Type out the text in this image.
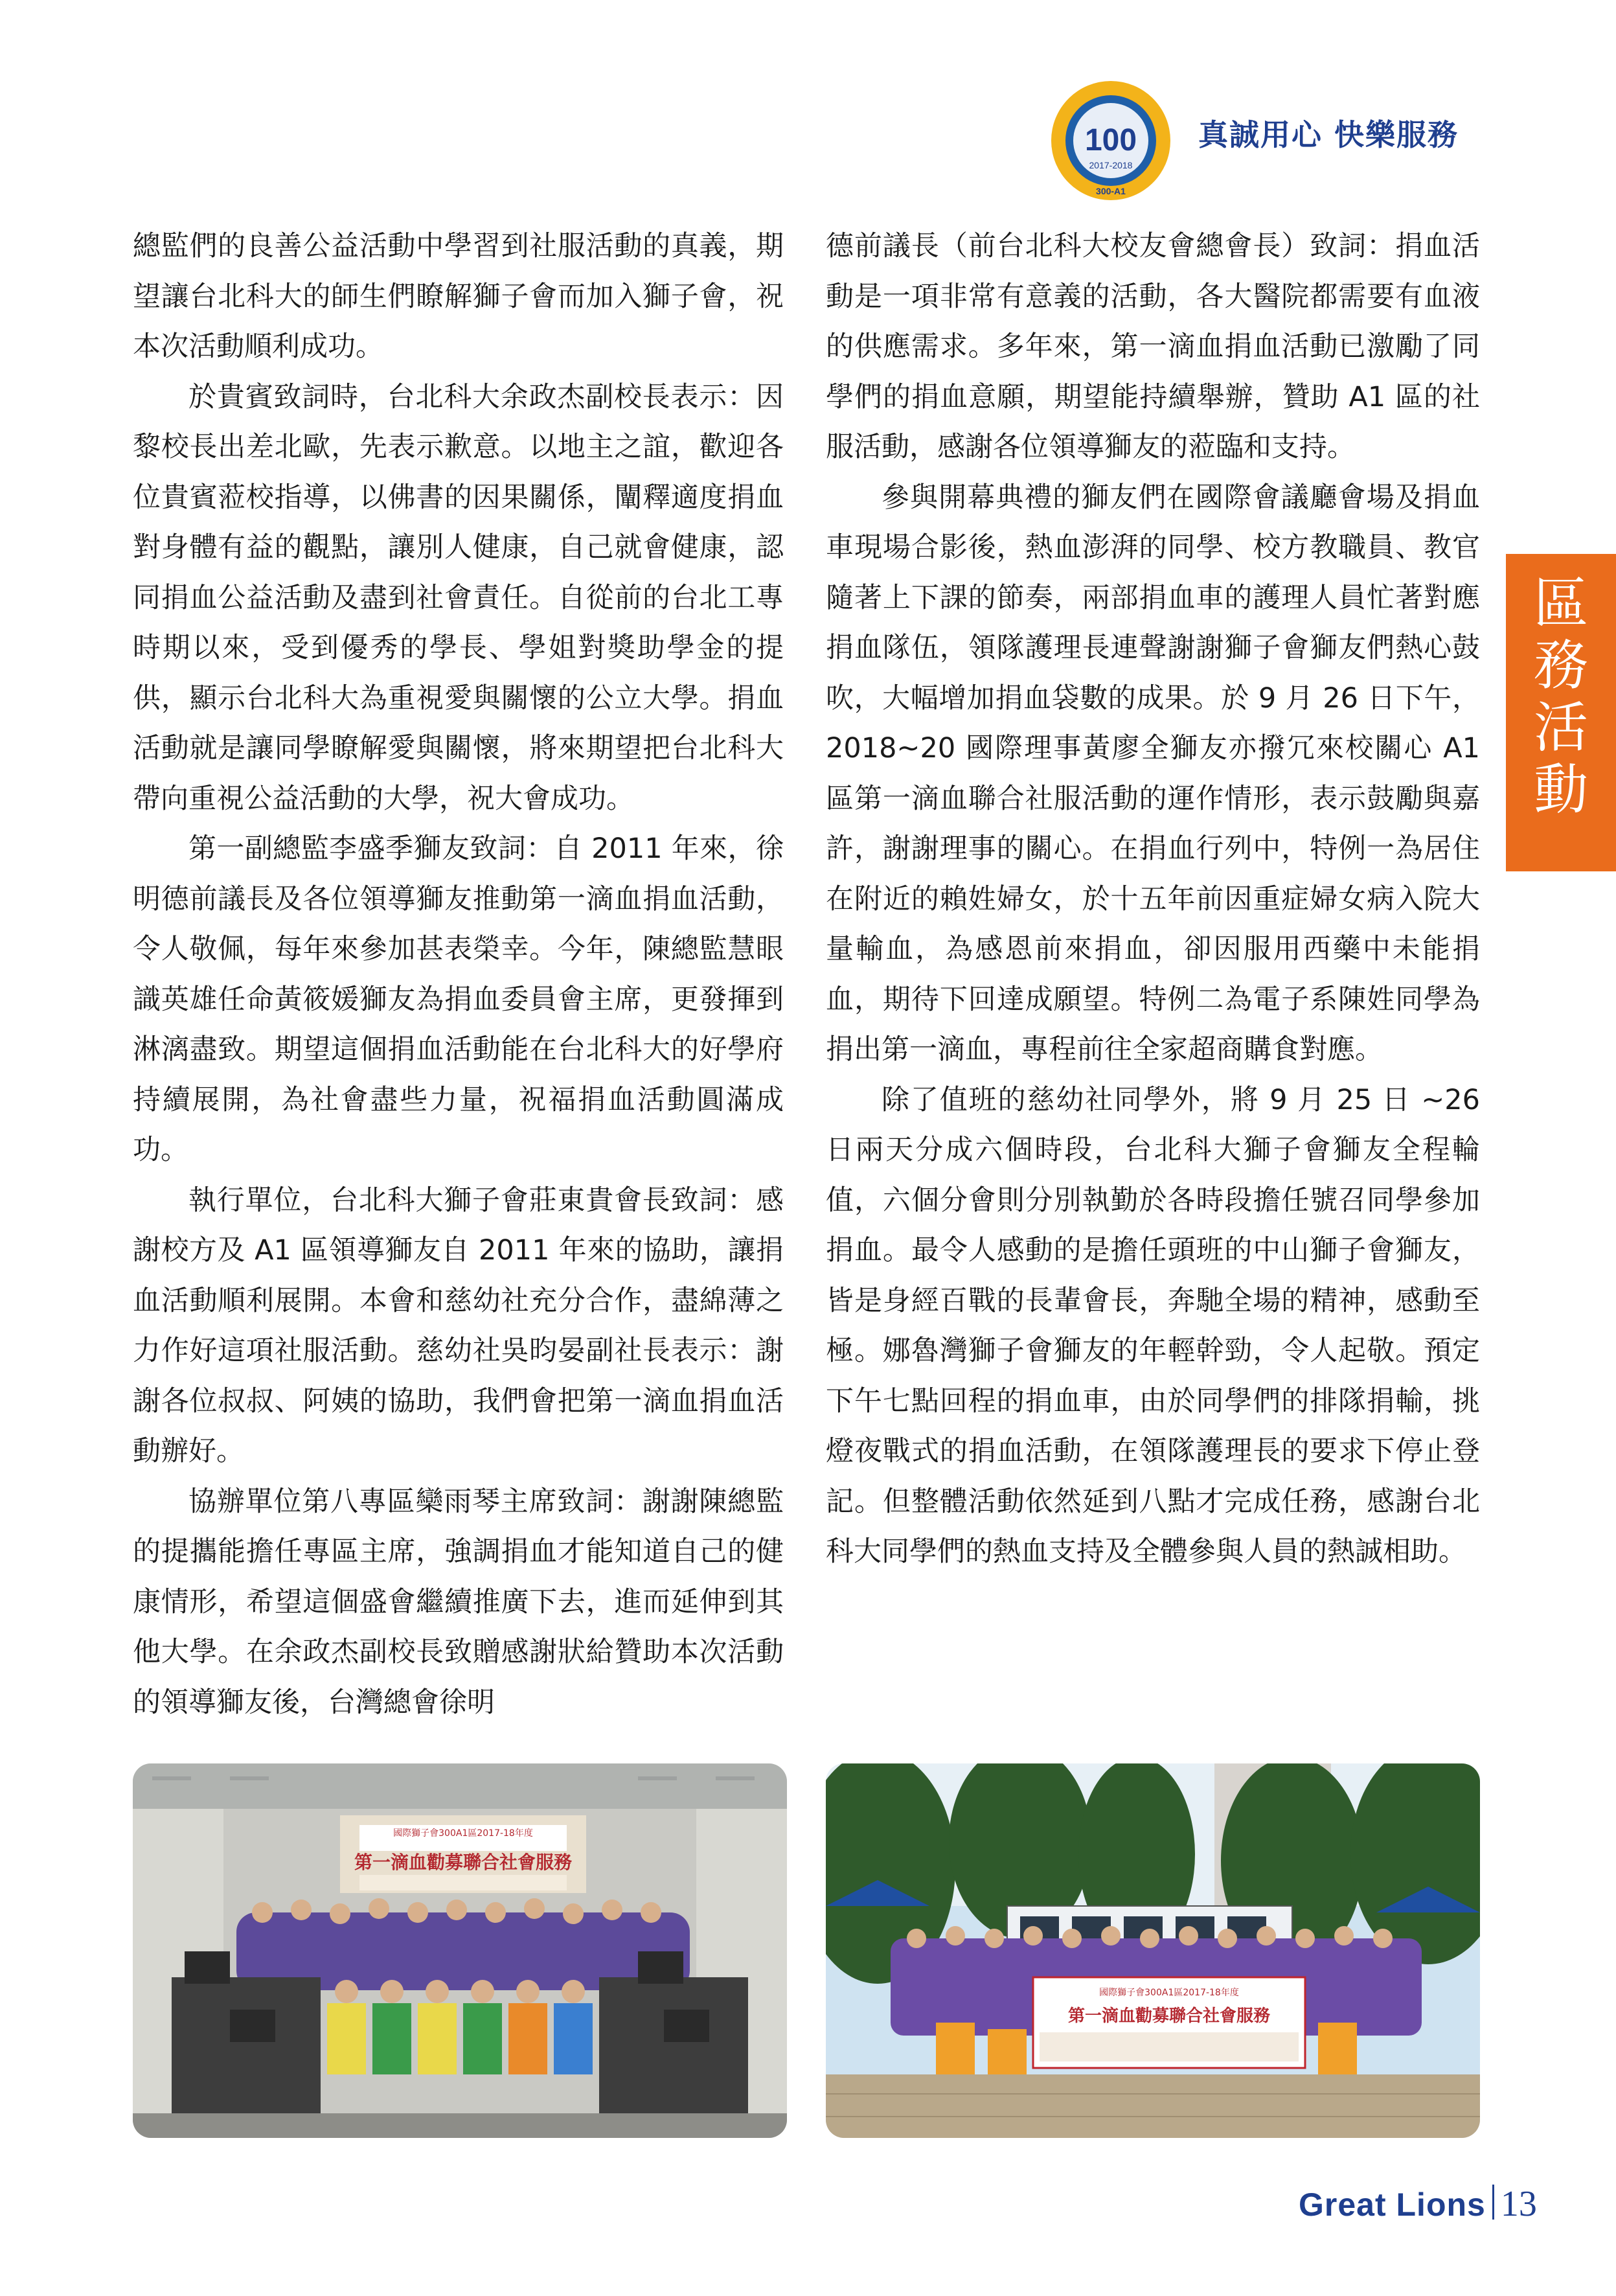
100
2017-2018
300-A1
真誠用心 快樂服務

總監們的良善公益活動中學習到社服活動的真義，期望讓台北科大的師生們瞭解獅子會而加入獅子會，祝本次活動順利成功。

於貴賓致詞時，台北科大余政杰副校長表示：因黎校長出差北歐，先表示歉意。以地主之誼，歡迎各位貴賓蒞校指導，以佛書的因果關係，闡釋適度捐血對身體有益的觀點，讓別人健康，自己就會健康，認同捐血公益活動及盡到社會責任。自從前的台北工專時期以來，受到優秀的學長、學姐對獎助學金的提供，顯示台北科大為重視愛與關懷的公立大學。捐血活動就是讓同學瞭解愛與關懷，將來期望把台北科大帶向重視公益活動的大學，祝大會成功。

第一副總監李盛季獅友致詞：自 2011 年來，徐明德前議長及各位領導獅友推動第一滴血捐血活動，令人敬佩，每年來參加甚表榮幸。今年，陳總監慧眼識英雄任命黃筱媛獅友為捐血委員會主席，更發揮到淋漓盡致。期望這個捐血活動能在台北科大的好學府持續展開，為社會盡些力量，祝福捐血活動圓滿成功。

執行單位，台北科大獅子會莊東貴會長致詞：感謝校方及 A1 區領導獅友自 2011 年來的協助，讓捐血活動順利展開。本會和慈幼社充分合作，盡綿薄之力作好這項社服活動。慈幼社吳昀晏副社長表示：謝謝各位叔叔、阿姨的協助，我們會把第一滴血捐血活動辦好。

協辦單位第八專區欒雨琴主席致詞：謝謝陳總監的提攜能擔任專區主席，強調捐血才能知道自己的健康情形，希望這個盛會繼續推廣下去，進而延伸到其他大學。在余政杰副校長致贈感謝狀給贊助本次活動的領導獅友後，台灣總會徐明

德前議長（前台北科大校友會總會長）致詞：捐血活動是一項非常有意義的活動，各大醫院都需要有血液的供應需求。多年來，第一滴血捐血活動已激勵了同學們的捐血意願，期望能持續舉辦，贊助 A1 區的社服活動，感謝各位領導獅友的蒞臨和支持。

參與開幕典禮的獅友們在國際會議廳會場及捐血車現場合影後，熱血澎湃的同學、校方教職員、教官隨著上下課的節奏，兩部捐血車的護理人員忙著對應捐血隊伍，領隊護理長連聲謝謝獅子會獅友們熱心鼓吹，大幅增加捐血袋數的成果。於 9 月 26 日下午，2018~20 國際理事黃廖全獅友亦撥冗來校關心 A1 區第一滴血聯合社服活動的運作情形，表示鼓勵與嘉許，謝謝理事的關心。在捐血行列中，特例一為居住在附近的賴姓婦女，於十五年前因重症婦女病入院大量輸血，為感恩前來捐血，卻因服用西藥中未能捐血，期待下回達成願望。特例二為電子系陳姓同學為捐出第一滴血，專程前往全家超商購食對應。

除了值班的慈幼社同學外，將 9 月 25 日 ~26 日兩天分成六個時段，台北科大獅子會獅友全程輪值，六個分會則分別執勤於各時段擔任號召同學參加捐血。最令人感動的是擔任頭班的中山獅子會獅友，皆是身經百戰的長輩會長，奔馳全場的精神，感動至極。娜魯灣獅子會獅友的年輕幹勁，令人起敬。預定下午七點回程的捐血車，由於同學們的排隊捐輸，挑燈夜戰式的捐血活動，在領隊護理長的要求下停止登記。但整體活動依然延到八點才完成任務，感謝台北科大同學們的熱血支持及全體參與人員的熱誠相助。

區
務
活
動
國際獅子會300A1區2017-18年度
第一滴血勸募聯合社會服務
國際獅子會300A1區2017-18年度
第一滴血勸募聯合社會服務
Great Lions 13
